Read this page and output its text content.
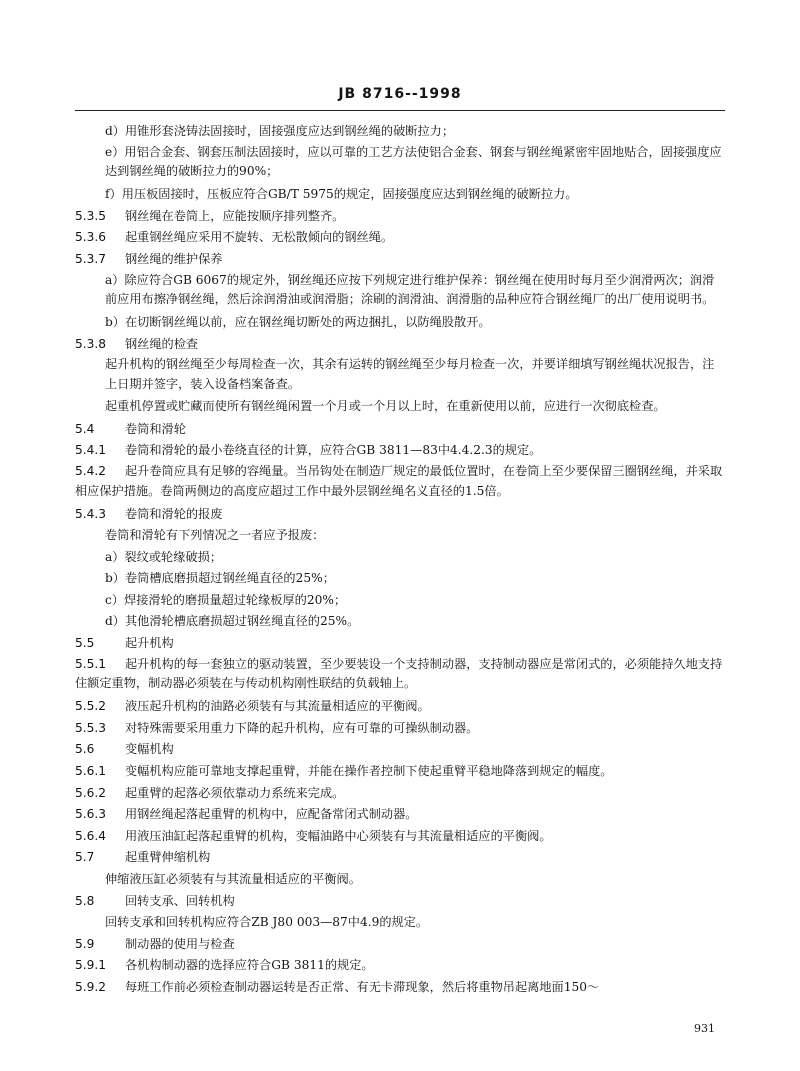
JB 8716--1998
d）用锥形套浇铸法固接时，固接强度应达到钢丝绳的破断拉力；
e）用铝合金套、钢套压制法固接时，应以可靠的工艺方法使铝合金套、钢套与钢丝绳紧密牢固地贴合，固接强度应达到钢丝绳的破断拉力的90%；
f）用压板固接时，压板应符合GB/T 5975的规定，固接强度应达到钢丝绳的破断拉力。
5.3.5 钢丝绳在卷筒上，应能按顺序排列整齐。
5.3.6 起重钢丝绳应采用不旋转、无松散倾向的钢丝绳。
5.3.7 钢丝绳的维护保养
a）除应符合GB 6067的规定外，钢丝绳还应按下列规定进行维护保养：钢丝绳在使用时每月至少润滑两次；润滑前应用布擦净钢丝绳，然后涂润滑油或润滑脂；涂刷的润滑油、润滑脂的品种应符合钢丝绳厂的出厂使用说明书。
b）在切断钢丝绳以前，应在钢丝绳切断处的两边捆扎，以防绳股散开。
5.3.8 钢丝绳的检查
起升机构的钢丝绳至少每周检查一次，其余有运转的钢丝绳至少每月检查一次，并要详细填写钢丝绳状况报告，注上日期并签字，装入设备档案备查。
起重机停置或贮藏而使所有钢丝绳闲置一个月或一个月以上时，在重新使用以前，应进行一次彻底检查。
5.4	卷筒和滑轮
5.4.1 卷筒和滑轮的最小卷绕直径的计算，应符合GB 3811—83中4.4.2.3的规定。
5.4.2 起升卷筒应具有足够的容绳量。当吊钩处在制造厂规定的最低位置时，在卷筒上至少要保留三圈钢丝绳，并采取相应保护措施。卷筒两侧边的高度应超过工作中最外层钢丝绳名义直径的1.5倍。
5.4.3 卷筒和滑轮的报废
卷筒和滑轮有下列情况之一者应予报废：
a）裂纹或轮缘破损；
b）卷筒槽底磨损超过钢丝绳直径的25%；
c）焊接滑轮的磨损量超过轮缘板厚的20%；
d）其他滑轮槽底磨损超过钢丝绳直径的25%。
5.5	起升机构
5.5.1 起升机构的每一套独立的驱动装置，至少要装设一个支持制动器，支持制动器应是常闭式的，必须能持久地支持住额定重物，制动器必须装在与传动机构刚性联结的负载轴上。
5.5.2 液压起升机构的油路必须装有与其流量相适应的平衡阀。
5.5.3 对特殊需要采用重力下降的起升机构，应有可靠的可操纵制动器。
5.6	变幅机构
5.6.1 变幅机构应能可靠地支撑起重臂，并能在操作者控制下使起重臂平稳地降落到规定的幅度。
5.6.2 起重臂的起落必须依靠动力系统来完成。
5.6.3 用钢丝绳起落起重臂的机构中，应配备常闭式制动器。
5.6.4 用液压油缸起落起重臂的机构，变幅油路中心须装有与其流量相适应的平衡阀。
5.7	起重臂伸缩机构
伸缩液压缸必须装有与其流量相适应的平衡阀。
5.8	回转支承、回转机构
回转支承和回转机构应符合ZB J80 003—87中4.9的规定。
5.9	制动器的使用与检查
5.9.1 各机构制动器的选择应符合GB 3811的规定。
5.9.2 每班工作前必须检查制动器运转是否正常、有无卡滞现象，然后将重物吊起离地面150～
931
